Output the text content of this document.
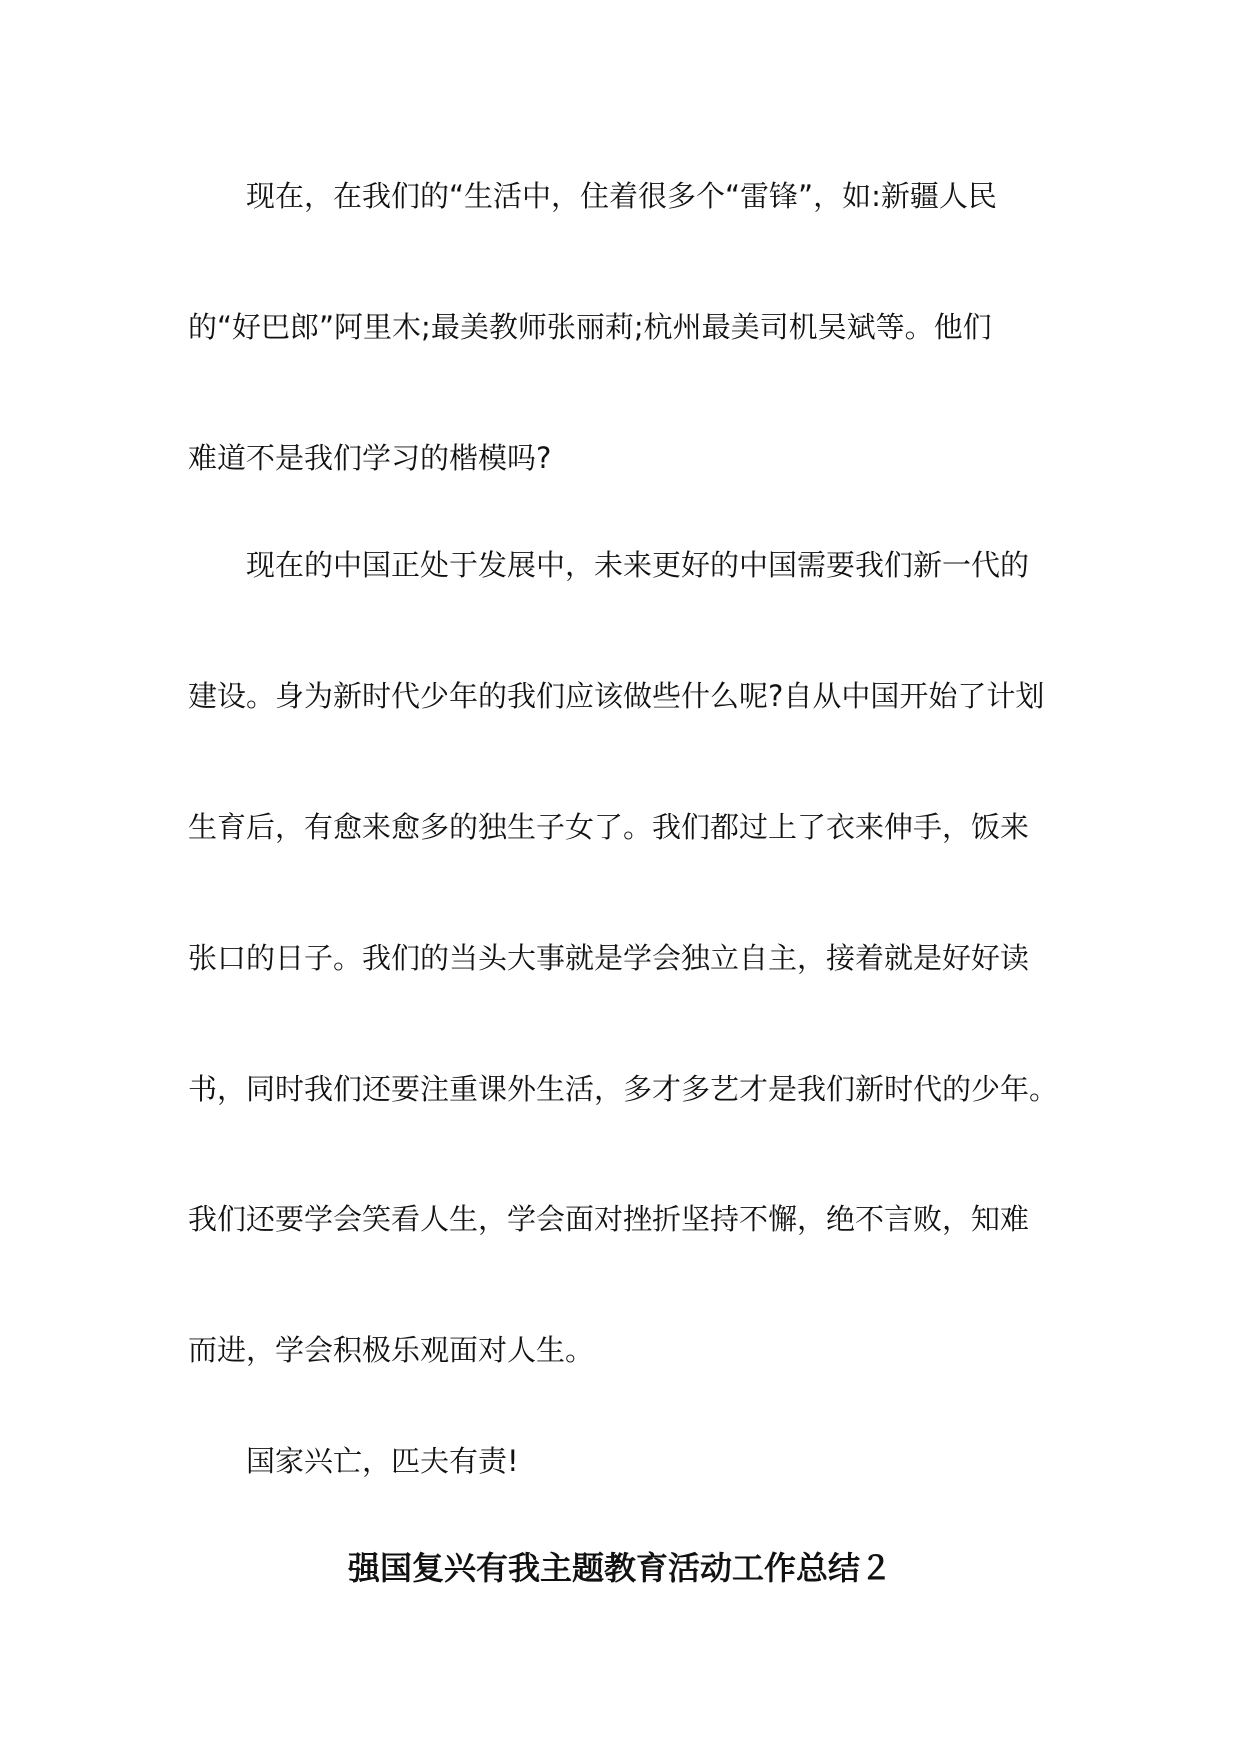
现在，在我们的“生活中，住着很多个“雷锋”，如:新疆人民
的“好巴郎”阿里木;最美教师张丽莉;杭州最美司机吴斌等。他们
难道不是我们学习的楷模吗?
现在的中国正处于发展中，未来更好的中国需要我们新一代的
建设。身为新时代少年的我们应该做些什么呢?自从中国开始了计划
生育后，有愈来愈多的独生子女了。我们都过上了衣来伸手，饭来
张口的日子。我们的当头大事就是学会独立自主，接着就是好好读
书，同时我们还要注重课外生活，多才多艺才是我们新时代的少年。
我们还要学会笑看人生，学会面对挫折坚持不懈，绝不言败，知难
而进，学会积极乐观面对人生。
国家兴亡，匹夫有责!
强国复兴有我主题教育活动工作总结２
